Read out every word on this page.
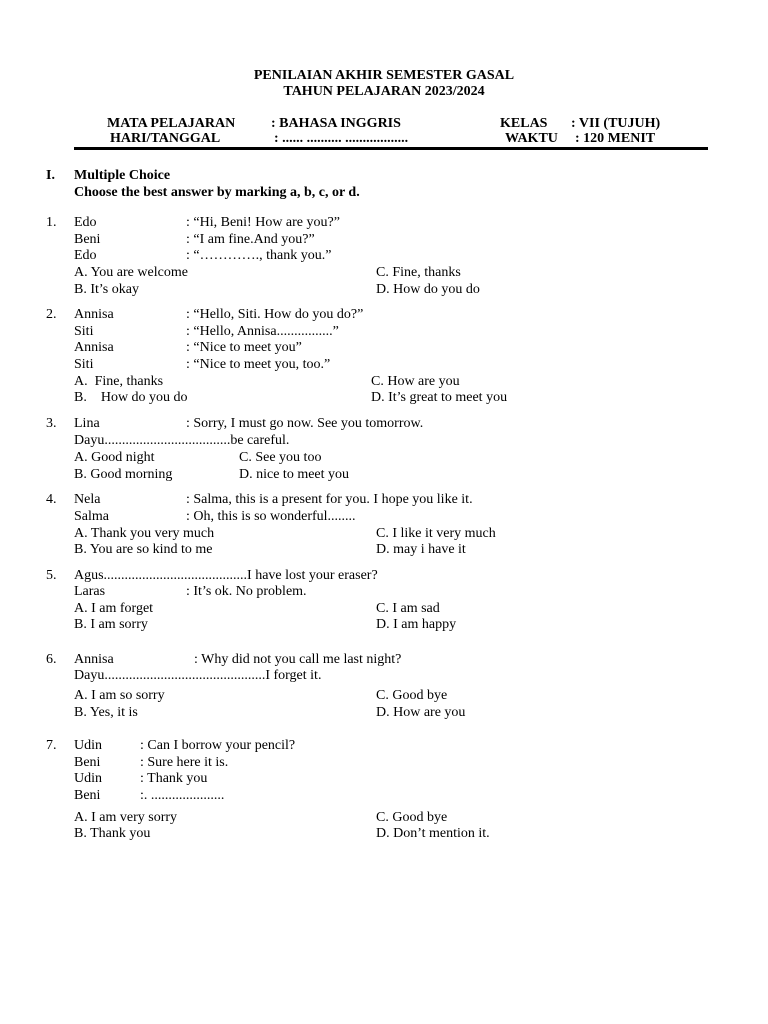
PENILAIAN AKHIR SEMESTER GASAL
TAHUN PELAJARAN 2023/2024
MATA PELAJARAN	: BAHASA INGGRIS	KELAS : VII (TUJUH)
HARI/TANGGAL	: ...... .......... ..................	WAKTU : 120 MENIT
I. Multiple Choice
Choose the best answer by marking a, b, c, or d.
1. Edo	: “Hi, Beni! How are you?”
Beni	: “I am fine.And you?”
Edo	: “…………., thank you.”
A. You are welcome	C. Fine, thanks
B. It’s okay	D. How do you do
2. Annisa	: “Hello, Siti. How do you do?”
Siti	: “Hello, Annisa................”
Annisa	: “Nice to meet you”
Siti	: “Nice to meet you, too.”
A.  Fine, thanks	C. How are you
B.    How do you do	D. It’s great to meet you
3. Lina	: Sorry, I must go now. See you tomorrow.
Dayu....................................be careful.
A. Good night	C. See you too
B. Good morning	D. nice to meet you
4. Nela	: Salma, this is a present for you. I hope you like it.
Salma	: Oh, this is so wonderful........
A. Thank you very much	C. I like it very much
B. You are so kind to me	D. may i have it
5. Agus.........................................I have lost your eraser?
Laras	: It’s ok. No problem.
A. I am forget	C. I am sad
B. I am sorry	D. I am happy
6. Annisa	: Why did not you call me last night?
Dayu..............................................I forget it.
A. I am so sorry	C. Good bye
B. Yes, it is	D. How are you
7. Udin	: Can I borrow your pencil?
Beni	: Sure here it is.
Udin	: Thank you
Beni	:. .....................
A. I am very sorry	C. Good bye
B. Thank you	D. Don’t mention it.
